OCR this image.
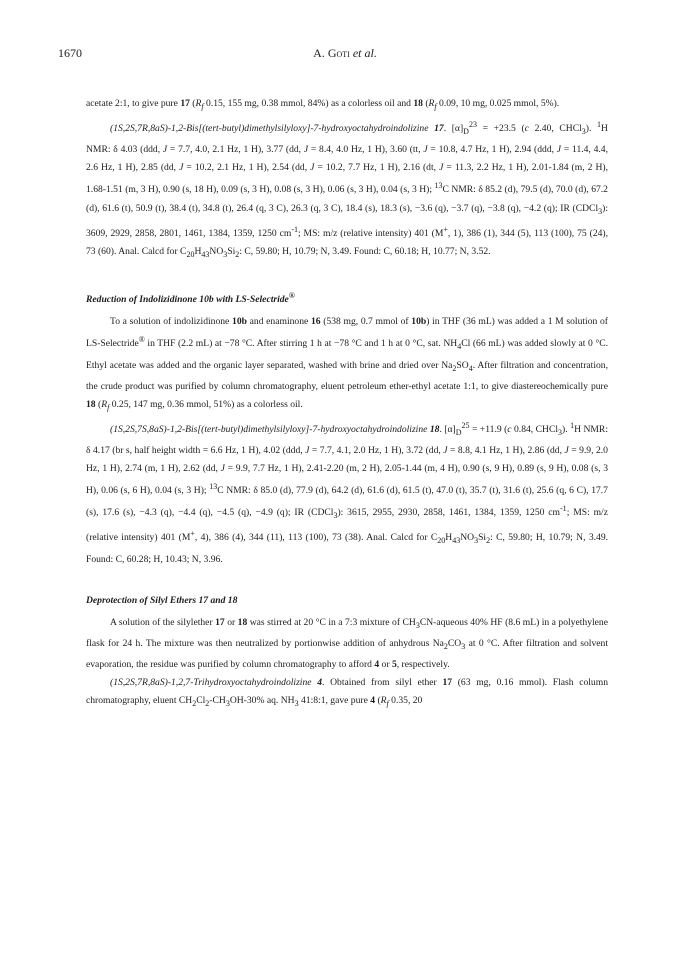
1670	A. Goti et al.

acetate 2:1, to give pure 17 ($R_f$ 0.15, 155 mg, 0.38 mmol, 84%) as a colorless oil and 18 ($R_f$ 0.09, 10 mg, 0.025 mmol, 5%).

(1S,2S,7R,8aS)-1,2-Bis[(tert-butyl)dimethylsilyloxy]-7-hydroxyoctahydroindolizine 17. $[\alpha]_D^{23} = +23.5$ (c 2.40, CHCl$_3$). $^1$H NMR: δ 4.03 (ddd, J = 7.7, 4.0, 2.1 Hz, 1 H), 3.77 (dd, J = 8.4, 4.0 Hz, 1 H), 3.60 (tt, J = 10.8, 4.7 Hz, 1 H), 2.94 (ddd, J = 11.4, 4.4, 2.6 Hz, 1 H), 2.85 (dd, J = 10.2, 2.1 Hz, 1 H), 2.54 (dd, J = 10.2, 7.7 Hz, 1 H), 2.16 (dt, J = 11.3, 2.2 Hz, 1 H), 2.01-1.84 (m, 2 H), 1.68-1.51 (m, 3 H), 0.90 (s, 18 H), 0.09 (s, 3 H), 0.08 (s, 3 H), 0.06 (s, 3 H), 0.04 (s, 3 H); $^{13}$C NMR: δ 85.2 (d), 79.5 (d), 70.0 (d), 67.2 (d), 61.6 (t), 50.9 (t), 38.4 (t), 34.8 (t), 26.4 (q, 3 C), 26.3 (q, 3 C), 18.4 (s), 18.3 (s), −3.6 (q), −3.7 (q), −3.8 (q), −4.2 (q); IR (CDCl$_3$): 3609, 2929, 2858, 2801, 1461, 1384, 1359, 1250 $cm^{-1}$; MS: m/z (relative intensity) 401 (M+, 1), 386 (1), 344 (5), 113 (100), 75 (24), 73 (60). Anal. Calcd for $C_{20}H_{43}NO_3Si_2$: C, 59.80; H, 10.79; N, 3.49. Found: C, 60.18; H, 10.77; N, 3.52.

Reduction of Indolizidinone 10b with LS-Selectride®

To a solution of indolizidinone 10b and enaminone 16 (538 mg, 0.7 mmol of 10b) in THF (36 mL) was added a 1 M solution of LS-Selectride® in THF (2.2 mL) at −78 °C. After stirring 1 h at −78 °C and 1 h at 0 °C, sat. $NH_4Cl$ (66 mL) was added slowly at 0 °C. Ethyl acetate was added and the organic layer separated, washed with brine and dried over $Na_2SO_4$. After filtration and concentration, the crude product was purified by column chromatography, eluent petroleum ether-ethyl acetate 1:1, to give diastereochemically pure 18 ($R_f$ 0.25, 147 mg, 0.36 mmol, 51%) as a colorless oil.

(1S,2S,7S,8aS)-1,2-Bis[(tert-butyl)dimethylsilyloxy]-7-hydroxyoctahydroindolizine 18. $[\alpha]_D^{25} = +11.9$ (c 0.84, CHCl$_3$). $^1$H NMR: δ 4.17 (br s, half height width = 6.6 Hz, 1 H), 4.02 (ddd, J = 7.7, 4.1, 2.0 Hz, 1 H), 3.72 (dd, J = 8.8, 4.1 Hz, 1 H), 2.86 (dd, J = 9.9, 2.0 Hz, 1 H), 2.74 (m, 1 H), 2.62 (dd, J = 9.9, 7.7 Hz, 1 H), 2.41-2.20 (m, 2 H), 2.05-1.44 (m, 4 H), 0.90 (s, 9 H), 0.89 (s, 9 H), 0.08 (s, 3 H), 0.06 (s, 6 H), 0.04 (s, 3 H); $^{13}$C NMR: δ 85.0 (d), 77.9 (d), 64.2 (d), 61.6 (d), 61.5 (t), 47.0 (t), 35.7 (t), 31.6 (t), 25.6 (q, 6 C), 17.7 (s), 17.6 (s), −4.3 (q), −4.4 (q), −4.5 (q), −4.9 (q); IR (CDCl$_3$): 3615, 2955, 2930, 2858, 1461, 1384, 1359, 1250 $cm^{-1}$; MS: m/z (relative intensity) 401 (M+, 4), 386 (4), 344 (11), 113 (100), 73 (38). Anal. Calcd for $C_{20}H_{43}NO_3Si_2$: C, 59.80; H, 10.79; N, 3.49. Found: C, 60.28; H, 10.43; N, 3.96.

Deprotection of Silyl Ethers 17 and 18

A solution of the silylether 17 or 18 was stirred at 20 °C in a 7:3 mixture of $CH_3CN$-aqueous 40% HF (8.6 mL) in a polyethylene flask for 24 h. The mixture was then neutralized by portionwise addition of anhydrous $Na_2CO_3$ at 0 °C. After filtration and solvent evaporation, the residue was purified by column chromatography to afford 4 or 5, respectively.

(1S,2S,7R,8aS)-1,2,7-Trihydroxyoctahydroindolizine 4. Obtained from silyl ether 17 (63 mg, 0.16 mmol). Flash column chromatography, eluent $CH_2Cl_2-CH_3OH-30\%$ aq. $NH_3$ 41:8:1, gave pure 4 ($R_f$ 0.35, 20
